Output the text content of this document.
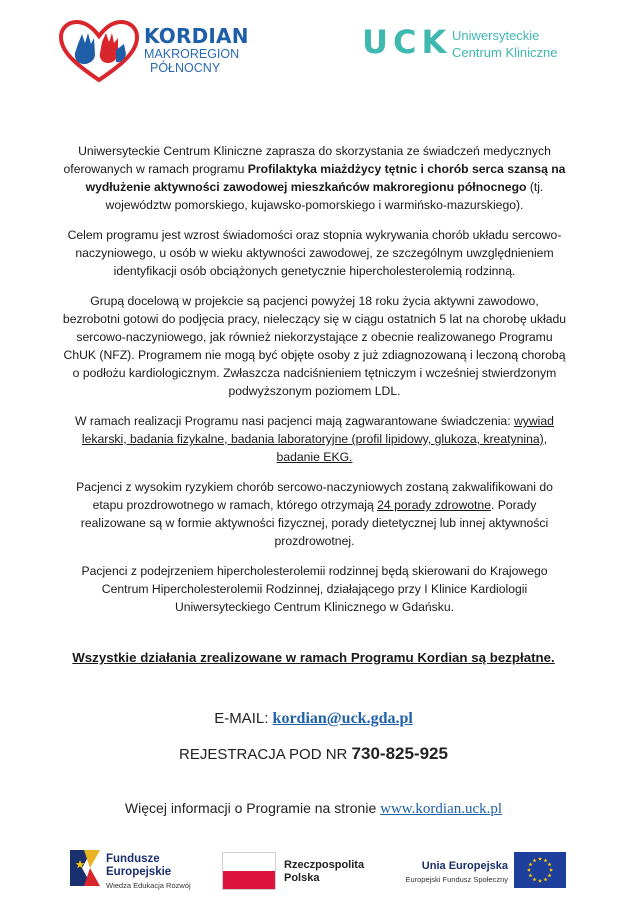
KORDIAN
MAKROREGION
PÓŁNOCNY
UCK Uniwersyteckie
Centrum Kliniczne

Uniwersyteckie Centrum Kliniczne zaprasza do skorzystania ze świadczeń medycznych oferowanych w ramach programu Profilaktyka miażdżycy tętnic i chorób serca szansą na wydłużenie aktywności zawodowej mieszkańców makroregionu północnego (tj. województw pomorskiego, kujawsko-pomorskiego i warmińsko-mazurskiego).

Celem programu jest wzrost świadomości oraz stopnia wykrywania chorób układu sercowo-naczyniowego, u osób w wieku aktywności zawodowej, ze szczególnym uwzględnieniem identyfikacji osób obciążonych genetycznie hipercholesterolemią rodzinną.

Grupą docelową w projekcie są pacjenci powyżej 18 roku życia aktywni zawodowo, bezrobotni gotowi do podjęcia pracy, nieleczący się w ciągu ostatnich 5 lat na chorobę układu sercowo-naczyniowego, jak również niekorzystające z obecnie realizowanego Programu ChUK (NFZ). Programem nie mogą być objęte osoby z już zdiagnozowaną i leczoną chorobą o podłożu kardiologicznym. Zwłaszcza nadciśnieniem tętniczym i wcześniej stwierdzonym podwyższonym poziomem LDL.

W ramach realizacji Programu nasi pacjenci mają zagwarantowane świadczenia: wywiad lekarski, badania fizykalne, badania laboratoryjne (profil lipidowy, glukoza, kreatynina), badanie EKG.

Pacjenci z wysokim ryzykiem chorób sercowo-naczyniowych zostaną zakwalifikowani do etapu prozdrowotnego w ramach, którego otrzymają 24 porady zdrowotne. Porady realizowane są w formie aktywności fizycznej, porady dietetycznej lub innej aktywności prozdrowotnej.

Pacjenci z podejrzeniem hipercholesterolemii rodzinnej będą skierowani do Krajowego Centrum Hipercholesterolemii Rodzinnej, działającego przy I Klinice Kardiologii Uniwersyteckiego Centrum Klinicznego w Gdańsku.

Wszystkie działania zrealizowane w ramach Programu Kordian są bezpłatne.
E-MAIL: kordian@uck.gda.pl
REJESTRACJA POD NR 730-825-925
Więcej informacji o Programie na stronie www.kordian.uck.pl
Fundusze
Europejskie
Wiedza Edukacja Rozwój
Rzeczpospolita
Polska
Unia Europejska
Europejski Fundusz Społeczny
